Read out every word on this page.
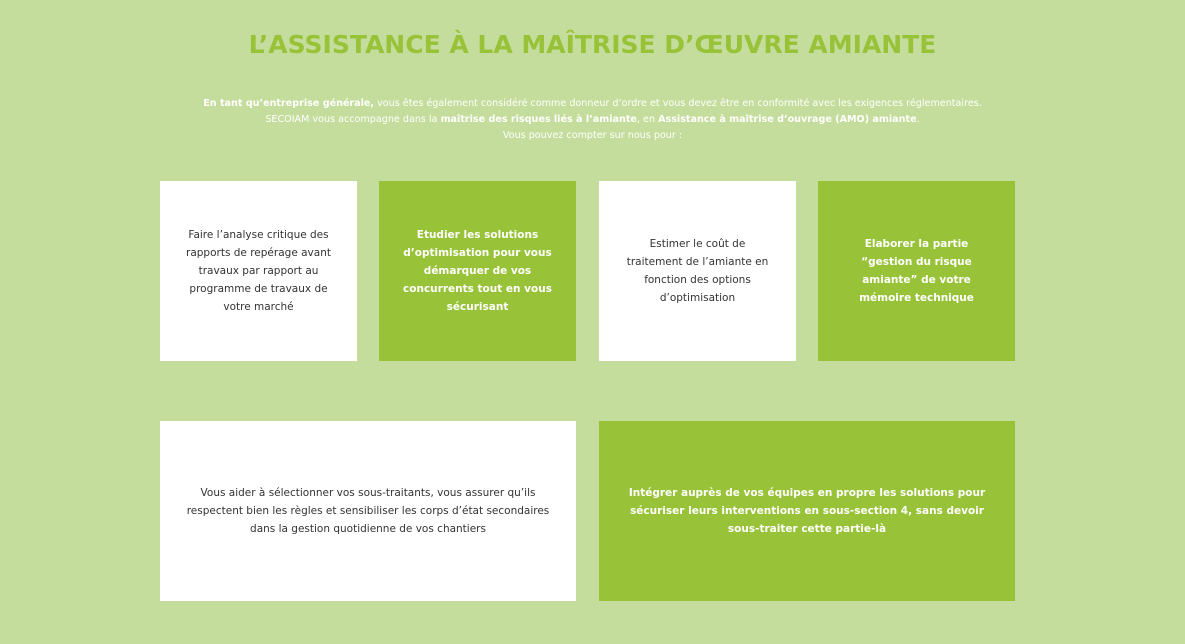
L’ASSISTANCE À LA MAÎTRISE D’ŒUVRE AMIANTE
En tant qu’entreprise générale, vous êtes également considéré comme donneur d’ordre et vous devez être en conformité avec les exigences réglementaires.
SECOIAM vous accompagne dans la maîtrise des risques liés à l’amiante, en Assistance à maîtrise d’ouvrage (AMO) amiante.
Vous pouvez compter sur nous pour :
Faire l’analyse critique des rapports de repérage avant travaux par rapport au programme de travaux de votre marché
Etudier les solutions d’optimisation pour vous démarquer de vos concurrents tout en vous sécurisant
Estimer le coût de traitement de l’amiante en fonction des options d’optimisation
Elaborer la partie “gestion du risque amiante” de votre mémoire technique
Vous aider à sélectionner vos sous-traitants, vous assurer qu’ils respectent bien les règles et sensibiliser les corps d’état secondaires dans la gestion quotidienne de vos chantiers
Intégrer auprès de vos équipes en propre les solutions pour sécuriser leurs interventions en sous-section 4, sans devoir sous-traiter cette partie-là
